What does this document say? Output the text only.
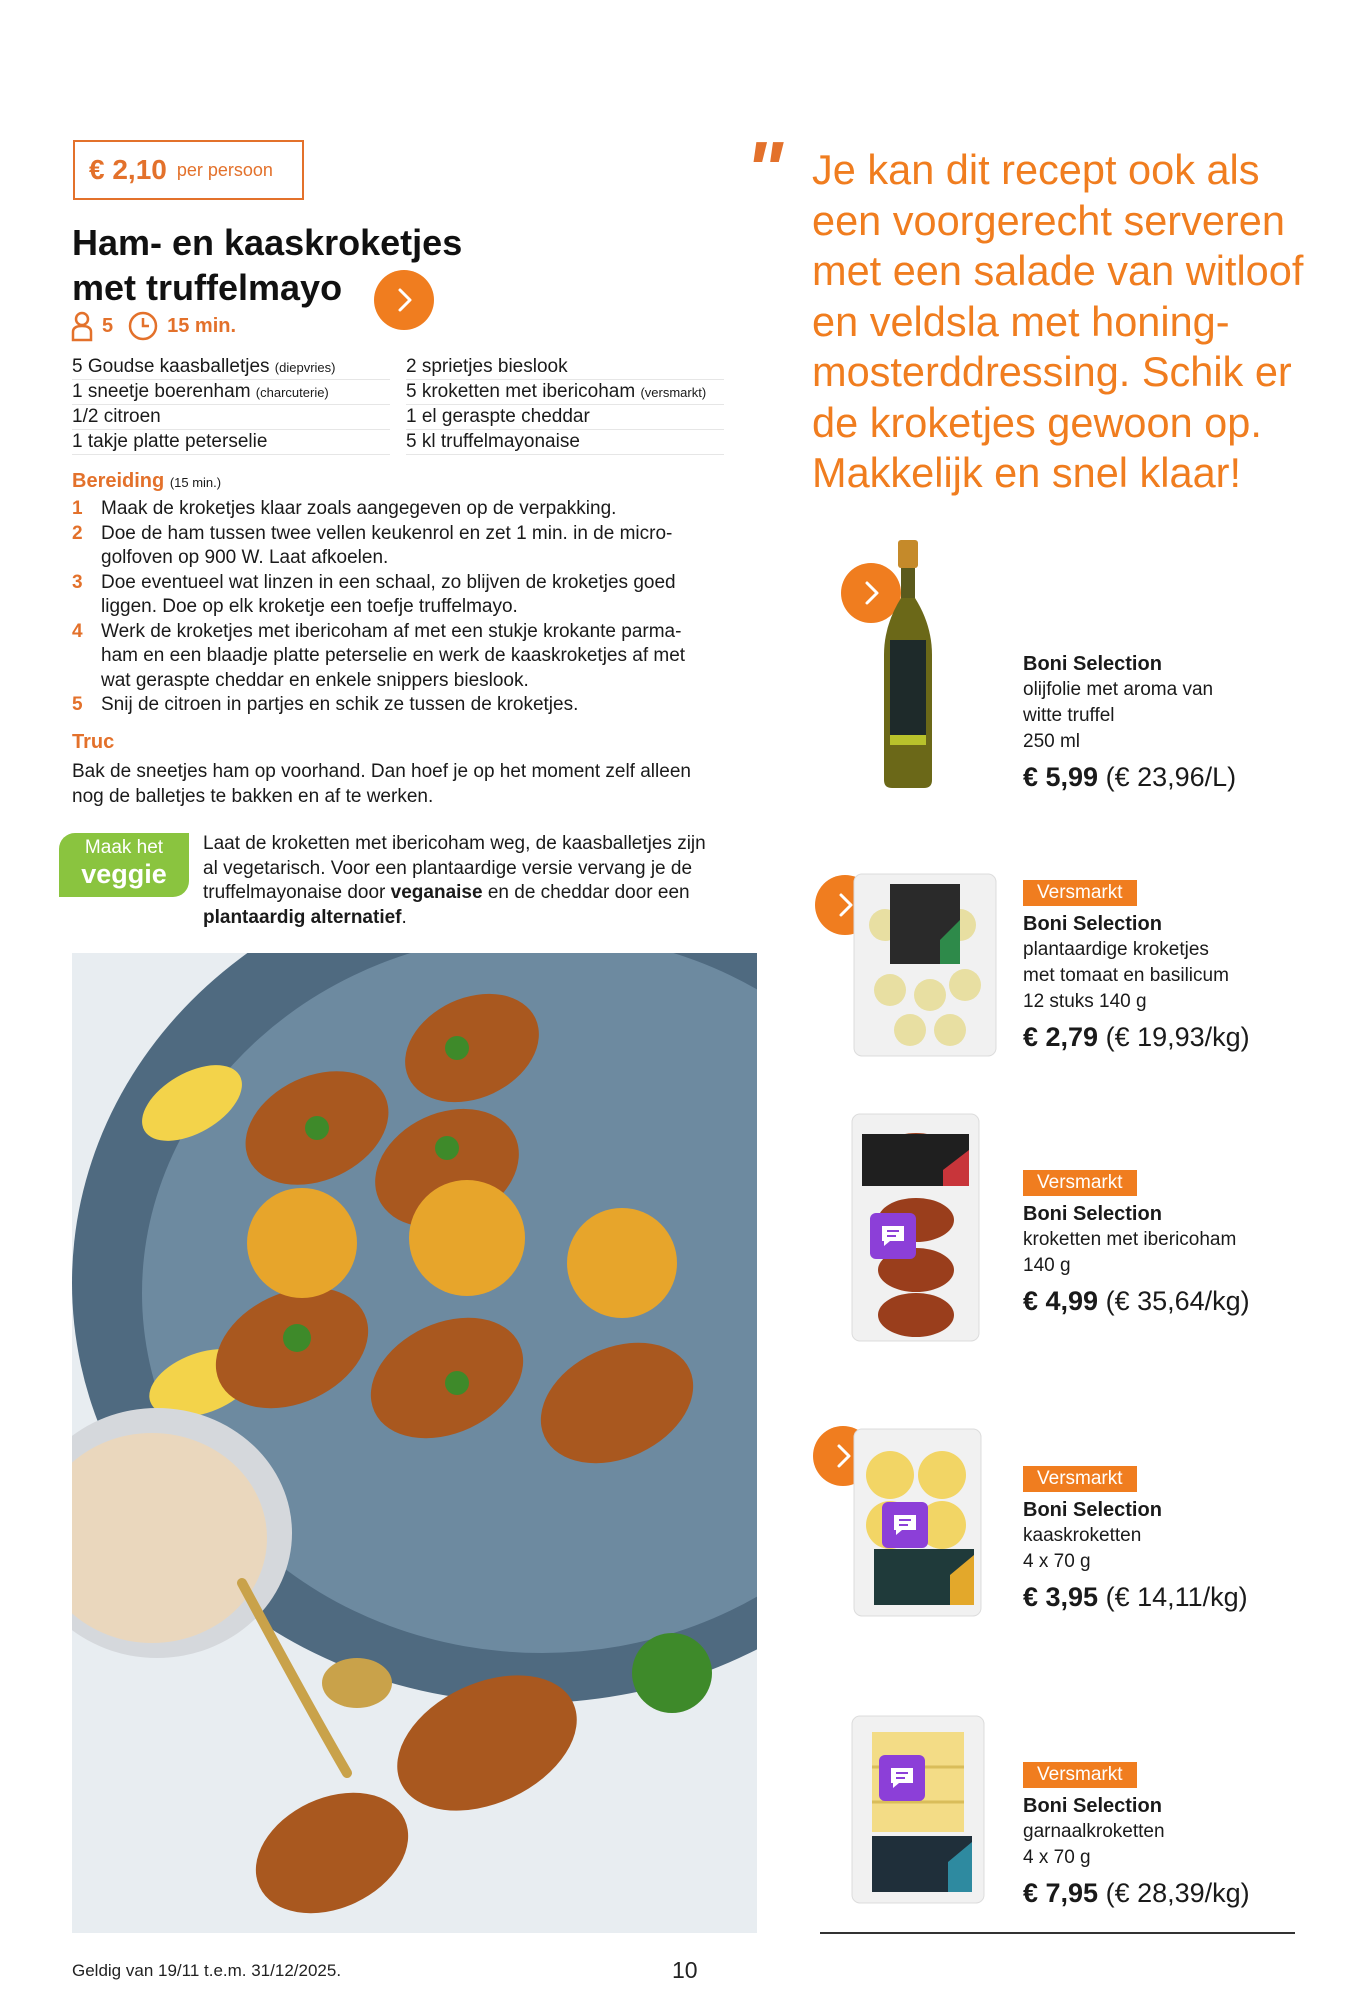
€ 2,10 per persoon
Ham- en kaaskroketjes
met truffelmayo
5	15 min.
5 Goudse kaasballetjes (diepvries)	2 sprietjes bieslook
1 sneetje boerenham (charcuterie)	5 kroketten met ibericoham (versmarkt)
1/2 citroen	1 el geraspte cheddar
1 takje platte peterselie	5 kl truffelmayonaise
Bereiding (15 min.)
1 Maak de kroketjes klaar zoals aangegeven op de verpakking.
2 Doe de ham tussen twee vellen keukenrol en zet 1 min. in de micro-
golfoven op 900 W. Laat afkoelen.
3 Doe eventueel wat linzen in een schaal, zo blijven de kroketjes goed
liggen. Doe op elk kroketje een toefje truffelmayo.
4 Werk de kroketjes met ibericoham af met een stukje krokante parma-
ham en een blaadje platte peterselie en werk de kaaskroketjes af met
wat geraspte cheddar en enkele snippers bieslook.
5 Snij de citroen in partjes en schik ze tussen de kroketjes.
Truc
Bak de sneetjes ham op voorhand. Dan hoef je op het moment zelf alleen
nog de balletjes te bakken en af te werken.
Maak het
veggie
Laat de kroketten met ibericoham weg, de kaasballetjes zijn
al vegetarisch. Voor een plantaardige versie vervang je de
truffelmayonaise door veganaise en de cheddar door een
plantaardig alternatief.
" Je kan dit recept ook als
een voorgerecht serveren
met een salade van witloof
en veldsla met honing-
mosterddressing. Schik er
de kroketjes gewoon op.
Makkelijk en snel klaar!
Boni Selection
olijfolie met aroma van
witte truffel
250 ml
€ 5,99 (€ 23,96/L)
Versmarkt
Boni Selection
plantaardige kroketjes
met tomaat en basilicum
12 stuks 140 g
€ 2,79 (€ 19,93/kg)
Versmarkt
Boni Selection
kroketten met ibericoham
140 g
€ 4,99 (€ 35,64/kg)
Versmarkt
Boni Selection
kaaskroketten
4 x 70 g
€ 3,95 (€ 14,11/kg)
Versmarkt
Boni Selection
garnaalkroketten
4 x 70 g
€ 7,95 (€ 28,39/kg)
Geldig van 19/11 t.e.m. 31/12/2025.	10
